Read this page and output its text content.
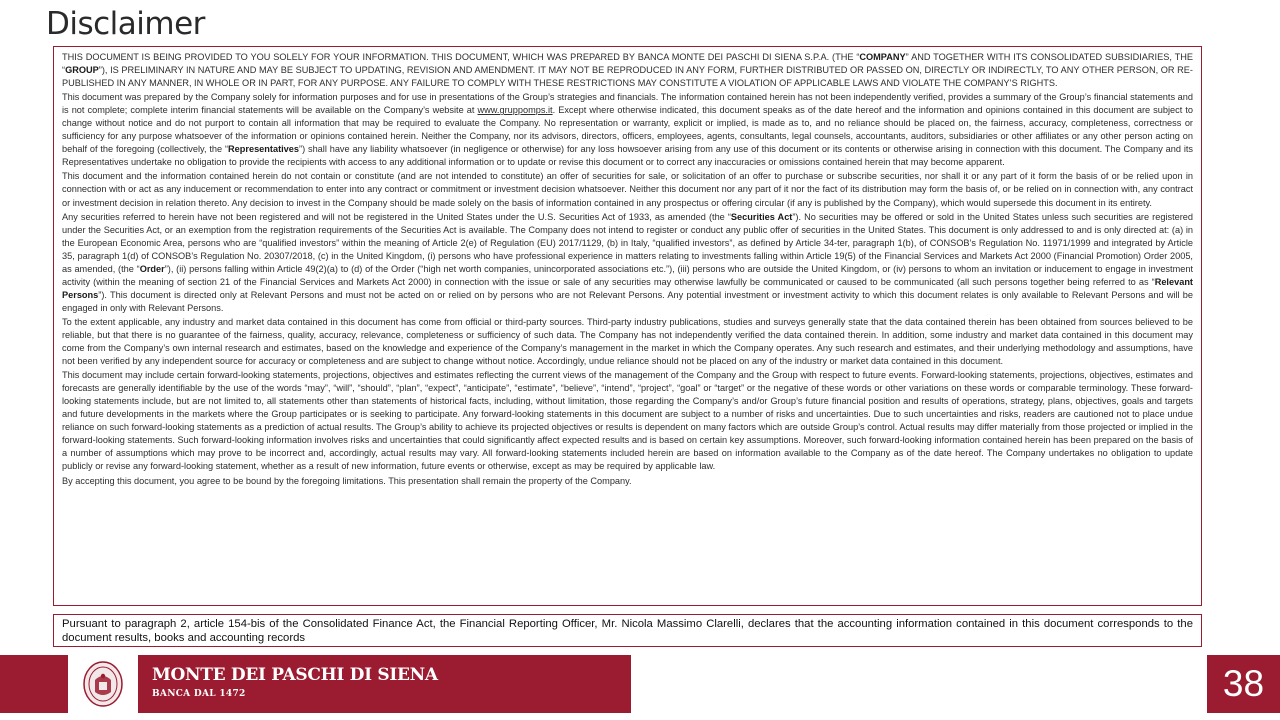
Disclaimer

THIS DOCUMENT IS BEING PROVIDED TO YOU SOLELY FOR YOUR INFORMATION. THIS DOCUMENT, WHICH WAS PREPARED BY BANCA MONTE DEI PASCHI DI SIENA S.P.A. (THE “COMPANY” AND TOGETHER WITH ITS CONSOLIDATED SUBSIDIARIES, THE “GROUP”), IS PRELIMINARY IN NATURE AND MAY BE SUBJECT TO UPDATING, REVISION AND AMENDMENT. IT MAY NOT BE REPRODUCED IN ANY FORM, FURTHER DISTRIBUTED OR PASSED ON, DIRECTLY OR INDIRECTLY, TO ANY OTHER PERSON, OR RE-PUBLISHED IN ANY MANNER, IN WHOLE OR IN PART, FOR ANY PURPOSE. ANY FAILURE TO COMPLY WITH THESE RESTRICTIONS MAY CONSTITUTE A VIOLATION OF APPLICABLE LAWS AND VIOLATE THE COMPANY’S RIGHTS.

This document was prepared by the Company solely for information purposes and for use in presentations of the Group’s strategies and financials. The information contained herein has not been independently verified, provides a summary of the Group’s financial statements and is not complete; complete interim financial statements will be available on the Company’s website at www.gruppomps.it. Except where otherwise indicated, this document speaks as of the date hereof and the information and opinions contained in this document are subject to change without notice and do not purport to contain all information that may be required to evaluate the Company. No representation or warranty, explicit or implied, is made as to, and no reliance should be placed on, the fairness, accuracy, completeness, correctness or sufficiency for any purpose whatsoever of the information or opinions contained herein. Neither the Company, nor its advisors, directors, officers, employees, agents, consultants, legal counsels, accountants, auditors, subsidiaries or other affiliates or any other person acting on behalf of the foregoing (collectively, the “Representatives”) shall have any liability whatsoever (in negligence or otherwise) for any loss howsoever arising from any use of this document or its contents or otherwise arising in connection with this document. The Company and its Representatives undertake no obligation to provide the recipients with access to any additional information or to update or revise this document or to correct any inaccuracies or omissions contained herein that may become apparent.

This document and the information contained herein do not contain or constitute (and are not intended to constitute) an offer of securities for sale, or solicitation of an offer to purchase or subscribe securities, nor shall it or any part of it form the basis of or be relied upon in connection with or act as any inducement or recommendation to enter into any contract or commitment or investment decision whatsoever. Neither this document nor any part of it nor the fact of its distribution may form the basis of, or be relied on in connection with, any contract or investment decision in relation thereto. Any decision to invest in the Company should be made solely on the basis of information contained in any prospectus or offering circular (if any is published by the Company), which would supersede this document in its entirety.

Any securities referred to herein have not been registered and will not be registered in the United States under the U.S. Securities Act of 1933, as amended (the “Securities Act”). No securities may be offered or sold in the United States unless such securities are registered under the Securities Act, or an exemption from the registration requirements of the Securities Act is available. The Company does not intend to register or conduct any public offer of securities in the United States. This document is only addressed to and is only directed at: (a) in the European Economic Area, persons who are “qualified investors” within the meaning of Article 2(e) of Regulation (EU) 2017/1129, (b) in Italy, “qualified investors”, as defined by Article 34-ter, paragraph 1(b), of CONSOB’s Regulation No. 11971/1999 and integrated by Article 35, paragraph 1(d) of CONSOB’s Regulation No. 20307/2018, (c) in the United Kingdom, (i) persons who have professional experience in matters relating to investments falling within Article 19(5) of the Financial Services and Markets Act 2000 (Financial Promotion) Order 2005, as amended, (the “Order”), (ii) persons falling within Article 49(2)(a) to (d) of the Order (“high net worth companies, unincorporated associations etc.”), (iii) persons who are outside the United Kingdom, or (iv) persons to whom an invitation or inducement to engage in investment activity (within the meaning of section 21 of the Financial Services and Markets Act 2000) in connection with the issue or sale of any securities may otherwise lawfully be communicated or caused to be communicated (all such persons together being referred to as “Relevant Persons”). This document is directed only at Relevant Persons and must not be acted on or relied on by persons who are not Relevant Persons. Any potential investment or investment activity to which this document relates is only available to Relevant Persons and will be engaged in only with Relevant Persons.

To the extent applicable, any industry and market data contained in this document has come from official or third-party sources. Third-party industry publications, studies and surveys generally state that the data contained therein has been obtained from sources believed to be reliable, but that there is no guarantee of the fairness, quality, accuracy, relevance, completeness or sufficiency of such data. The Company has not independently verified the data contained therein. In addition, some industry and market data contained in this document may come from the Company’s own internal research and estimates, based on the knowledge and experience of the Company’s management in the market in which the Company operates. Any such research and estimates, and their underlying methodology and assumptions, have not been verified by any independent source for accuracy or completeness and are subject to change without notice. Accordingly, undue reliance should not be placed on any of the industry or market data contained in this document.

This document may include certain forward-looking statements, projections, objectives and estimates reflecting the current views of the management of the Company and the Group with respect to future events. Forward-looking statements, projections, objectives, estimates and forecasts are generally identifiable by the use of the words “may”, “will”, “should”, “plan”, “expect”, “anticipate”, “estimate”, “believe”, “intend”, “project”, “goal” or “target” or the negative of these words or other variations on these words or comparable terminology. These forward-looking statements include, but are not limited to, all statements other than statements of historical facts, including, without limitation, those regarding the Company’s and/or Group’s future financial position and results of operations, strategy, plans, objectives, goals and targets and future developments in the markets where the Group participates or is seeking to participate. Any forward-looking statements in this document are subject to a number of risks and uncertainties. Due to such uncertainties and risks, readers are cautioned not to place undue reliance on such forward-looking statements as a prediction of actual results. The Group’s ability to achieve its projected objectives or results is dependent on many factors which are outside Group’s control. Actual results may differ materially from those projected or implied in the forward-looking statements. Such forward-looking information involves risks and uncertainties that could significantly affect expected results and is based on certain key assumptions. Moreover, such forward-looking information contained herein has been prepared on the basis of a number of assumptions which may prove to be incorrect and, accordingly, actual results may vary. All forward-looking statements included herein are based on information available to the Company as of the date hereof. The Company undertakes no obligation to update publicly or revise any forward-looking statement, whether as a result of new information, future events or otherwise, except as may be required by applicable law.

By accepting this document, you agree to be bound by the foregoing limitations. This presentation shall remain the property of the Company.

Pursuant to paragraph 2, article 154-bis of the Consolidated Finance Act, the Financial Reporting Officer, Mr. Nicola Massimo Clarelli, declares that the accounting information contained in this document corresponds to the document results, books and accounting records

MONTE DEI PASCHI DI SIENA
BANCA DAL 1472	38
